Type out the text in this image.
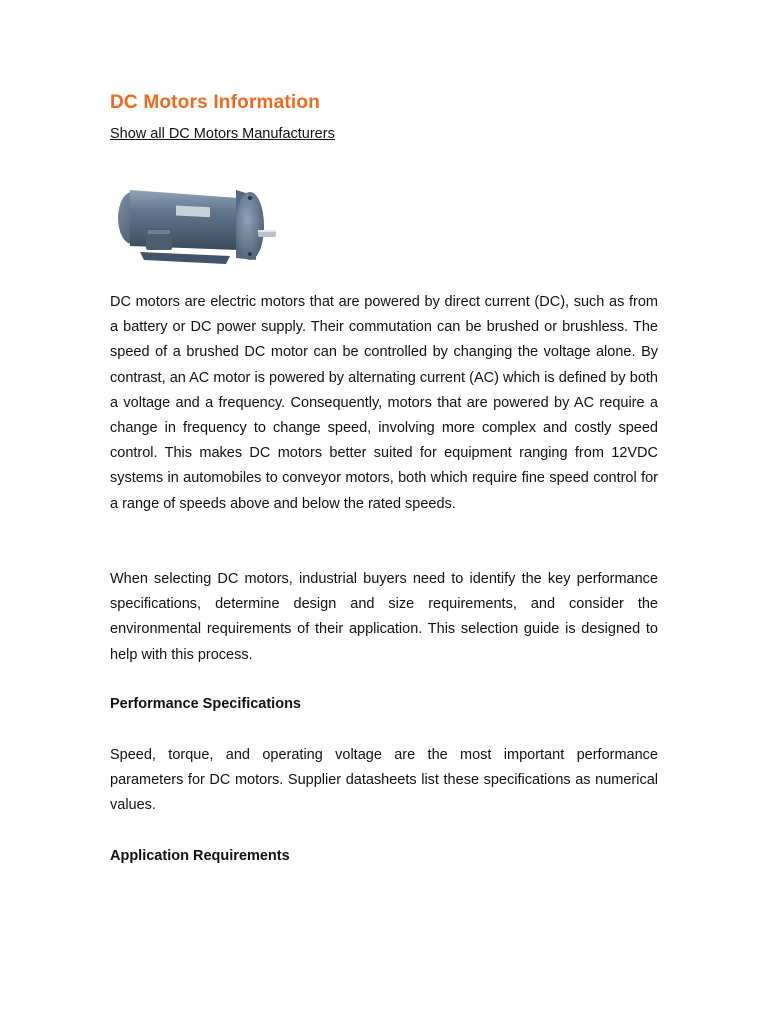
DC Motors Information
Show all DC Motors Manufacturers

DC motors are electric motors that are powered by direct current (DC), such as from a battery or DC power supply. Their commutation can be brushed or brushless. The speed of a brushed DC motor can be controlled by changing the voltage alone. By contrast, an AC motor is powered by alternating current (AC) which is defined by both a voltage and a frequency. Consequently, motors that are powered by AC require a change in frequency to change speed, involving more complex and costly speed control. This makes DC motors better suited for equipment ranging from 12VDC systems in automobiles to conveyor motors, both which require fine speed control for a range of speeds above and below the rated speeds.

When selecting DC motors, industrial buyers need to identify the key performance specifications, determine design and size requirements, and consider the environmental requirements of their application. This selection guide is designed to help with this process.

Performance Specifications

Speed, torque, and operating voltage are the most important performance parameters for DC motors. Supplier datasheets list these specifications as numerical values.

Application Requirements
